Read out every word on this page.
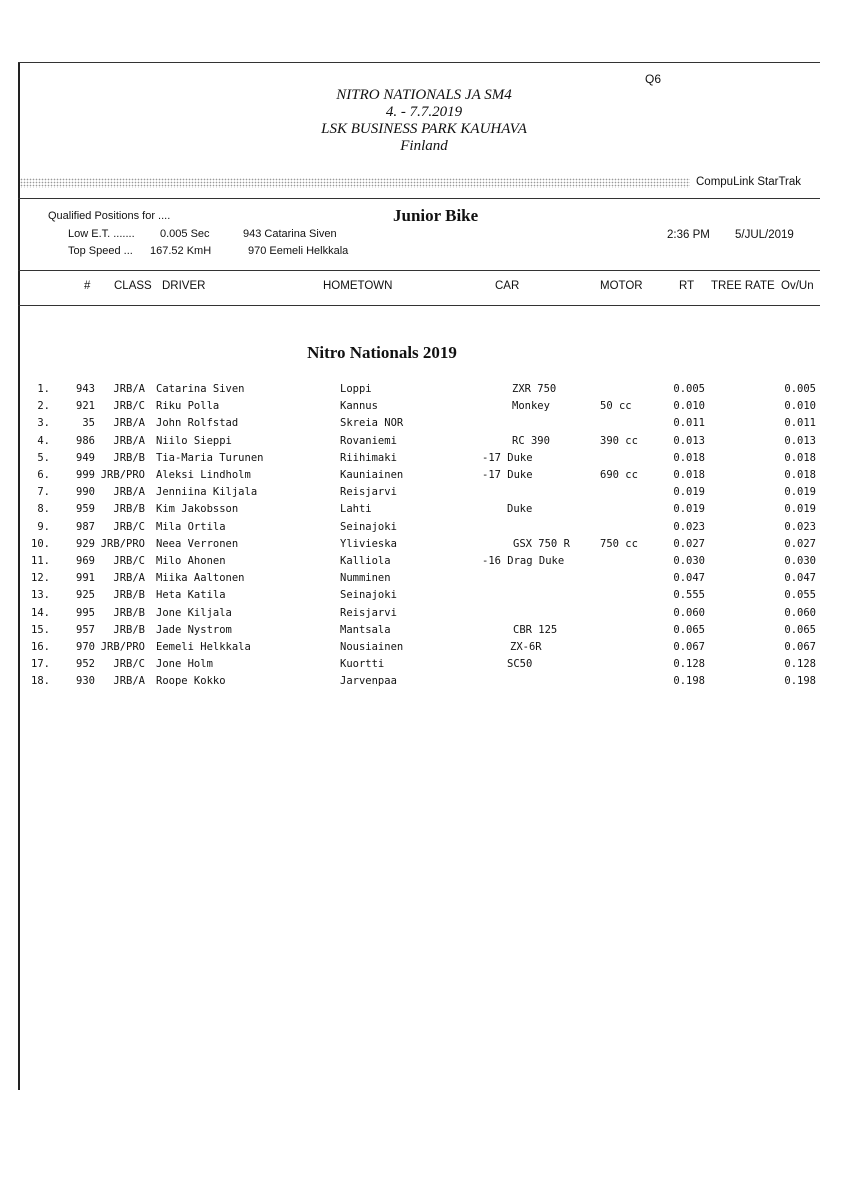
Q6
NITRO NATIONALS JA SM4
4. - 7.7.2019
LSK BUSINESS PARK KAUHAVA
Finland
CompuLink StarTrak
Qualified Positions for ....	Junior Bike
Low E.T. ....... 0.005 Sec	943 Catarina Siven
Top Speed ... 167.52 KmH	970 Eemeli Helkkala
2:36 PM 5/JUL/2019
# CLASS DRIVER	HOMETOWN	CAR	MOTOR	RT TREE RATE Ov/Un
Nitro Nationals 2019
1. 943 JRB/A Catarina Siven	Loppi	ZXR 750	0.005	0.005
2. 921 JRB/C Riku Polla	Kannus	Monkey	50 cc	0.010	0.010
3.	35 JRB/A John Rolfstad	Skreia NOR	0.011	0.011
4. 986 JRB/A Niilo Sieppi	Rovaniemi	RC 390	390 cc	0.013	0.013
5. 949 JRB/B Tia-Maria Turunen	Riihimaki	-17 Duke	0.018	0.018
6. 999 JRB/PRO Aleksi Lindholm	Kauniainen	-17 Duke	690 cc	0.018	0.018
7. 990 JRB/A Jenniina Kiljala	Reisjarvi	0.019	0.019
8. 959 JRB/B Kim Jakobsson	Lahti	Duke	0.019	0.019
9. 987 JRB/C Mila Ortila	Seinajoki	0.023	0.023
10. 929 JRB/PRO Neea Verronen	Ylivieska	GSX 750 R	750 cc	0.027	0.027
11. 969 JRB/C Milo Ahonen	Kalliola	-16 Drag Duke	0.030	0.030
12. 991 JRB/A Miika Aaltonen	Numminen	0.047	0.047
13. 925 JRB/B Heta Katila	Seinajoki	0.555	0.055
14. 995 JRB/B Jone Kiljala	Reisjarvi	0.060	0.060
15. 957 JRB/B Jade Nystrom	Mantsala	CBR 125	0.065	0.065
16. 970 JRB/PRO Eemeli Helkkala	Nousiainen	ZX-6R	0.067	0.067
17. 952 JRB/C Jone Holm	Kuortti	SC50	0.128	0.128
18. 930 JRB/A Roope Kokko	Jarvenpaa	0.198	0.198
